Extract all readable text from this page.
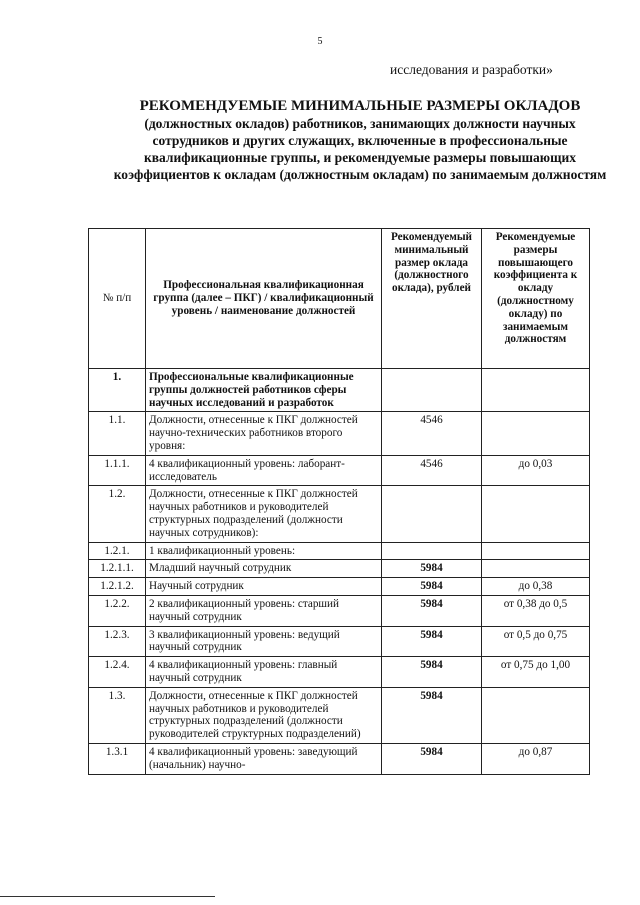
5
исследования и разработки»
РЕКОМЕНДУЕМЫЕ МИНИМАЛЬНЫЕ РАЗМЕРЫ ОКЛАДОВ
(должностных окладов) работников, занимающих должности научных сотрудников и других служащих, включенные в профессиональные квалификационные группы, и рекомендуемые размеры повышающих коэффициентов к окладам (должностным окладам) по занимаемым должностям
№ п/п	Профессиональная квалификационная группа (далее – ПКГ) / квалификационный уровень / наименование должностей	Рекомендуемый минимальный размер оклада (должностного оклада), рублей	Рекомендуемые размеры повышающего коэффициента к окладу (должностному окладу) по занимаемым должностям
1.	Профессиональные квалификационные группы должностей работников сферы научных исследований и разработок		
1.1.	Должности, отнесенные к ПКГ должностей научно-технических работников второго уровня:	4546	
1.1.1.	4 квалификационный уровень: лаборант-исследователь	4546	до 0,03
1.2.	Должности, отнесенные к ПКГ должностей научных работников и руководителей структурных подразделений (должности научных сотрудников):		
1.2.1.	1 квалификационный уровень:		
1.2.1.1.	Младший научный сотрудник	5984	
1.2.1.2.	Научный сотрудник	5984	до 0,38
1.2.2.	2 квалификационный уровень: старший научный сотрудник	5984	от 0,38 до 0,5
1.2.3.	3 квалификационный уровень: ведущий научный сотрудник	5984	от 0,5 до 0,75
1.2.4.	4 квалификационный уровень: главный научный сотрудник	5984	от 0,75 до 1,00
1.3.	Должности, отнесенные к ПКГ должностей научных работников и руководителей структурных подразделений (должности руководителей структурных подразделений)	5984	
1.3.1	4 квалификационный уровень: заведующий (начальник) научно-	5984	до 0,87
